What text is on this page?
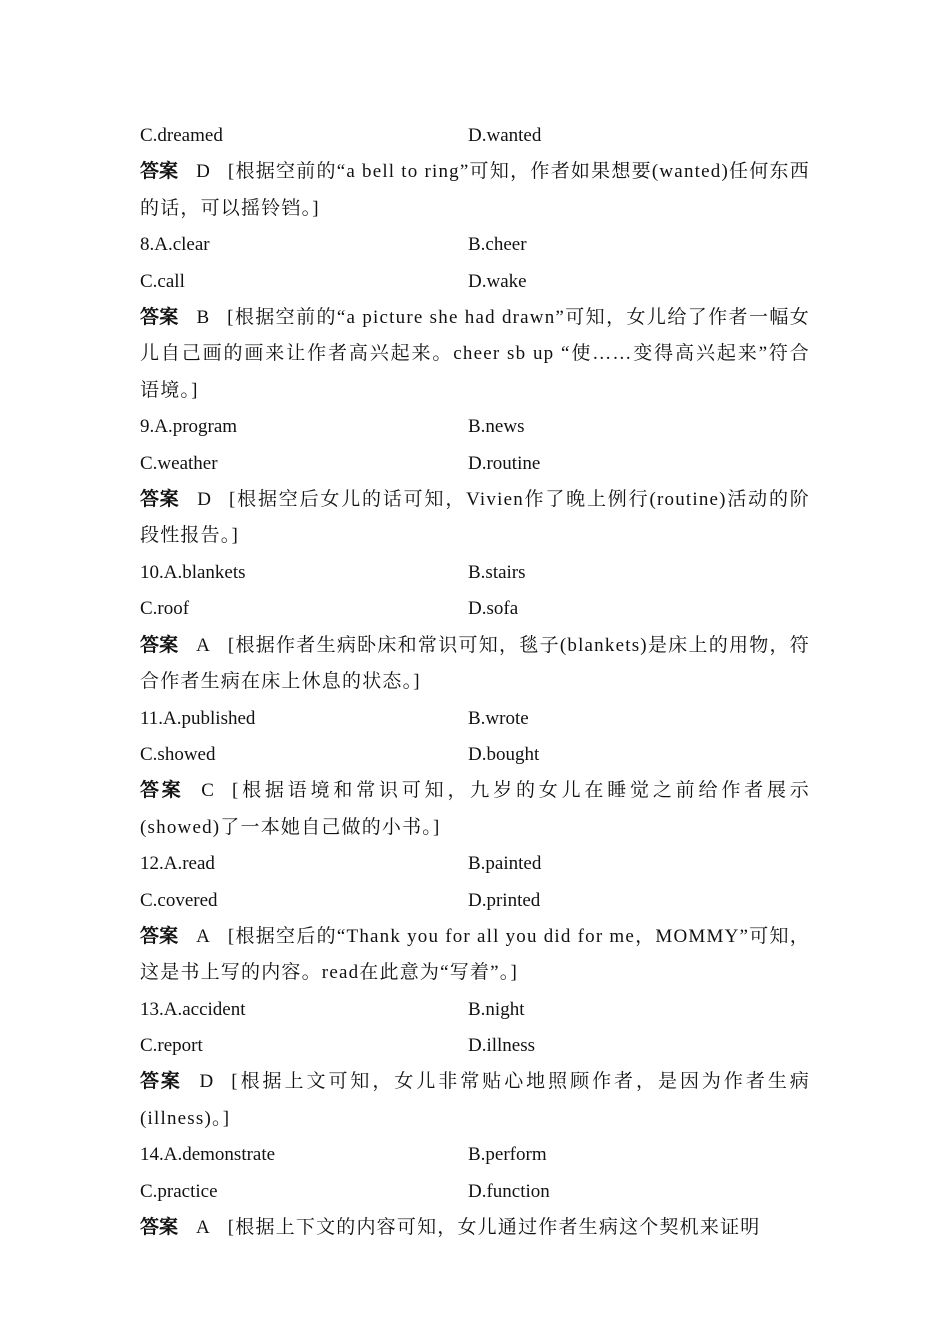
C.dreamed	D.wanted
答案 D [根据空前的“a bell to ring”可知，作者如果想要(wanted)任何东西的话，可以摇铃铛。]
8.A.clear	B.cheer
C.call	D.wake
答案 B [根据空前的“a picture she had drawn”可知，女儿给了作者一幅女儿自己画的画来让作者高兴起来。cheer sb up “使……变得高兴起来”符合语境。]
9.A.program	B.news
C.weather	D.routine
答案 D [根据空后女儿的话可知，Vivien作了晚上例行(routine)活动的阶段性报告。]
10.A.blankets	B.stairs
C.roof	D.sofa
答案 A [根据作者生病卧床和常识可知，毯子(blankets)是床上的用物，符合作者生病在床上休息的状态。]
11.A.published	B.wrote
C.showed	D.bought
答案 C [根据语境和常识可知，九岁的女儿在睡觉之前给作者展示(showed)了一本她自己做的小书。]
12.A.read	B.painted
C.covered	D.printed
答案 A [根据空后的“Thank you for all you did for me，MOMMY”可知，这是书上写的内容。read在此意为“写着”。]
13.A.accident	B.night
C.report	D.illness
答案 D [根据上文可知，女儿非常贴心地照顾作者，是因为作者生病(illness)。]
14.A.demonstrate	B.perform
C.practice	D.function
答案 A [根据上下文的内容可知，女儿通过作者生病这个契机来证明
